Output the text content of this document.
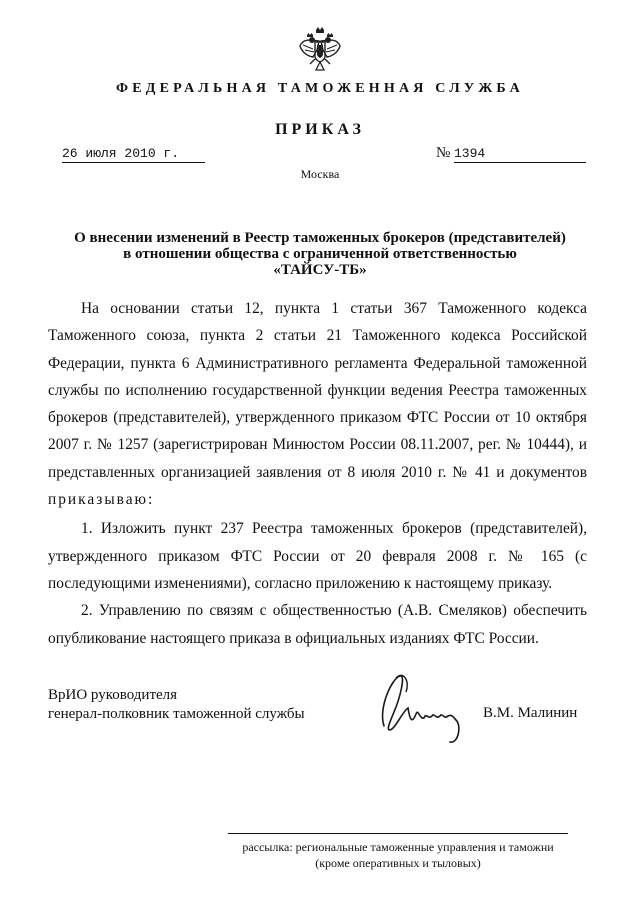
ФЕДЕРАЛЬНАЯ ТАМОЖЕННАЯ СЛУЖБА
ПРИКАЗ
26 июля 2010 г.	№ 1394
Москва
О внесении изменений в Реестр таможенных брокеров (представителей)
в отношении общества с ограниченной ответственностью
«ТАЙСУ-ТБ»

На основании статьи 12, пункта 1 статьи 367 Таможенного кодекса Таможенного союза, пункта 2 статьи 21 Таможенного кодекса Российской Федерации, пункта 6 Административного регламента Федеральной таможенной службы по исполнению государственной функции ведения Реестра таможенных брокеров (представителей), утвержденного приказом ФТС России от 10 октября 2007 г. № 1257 (зарегистрирован Минюстом России 08.11.2007, рег. № 10444), и представленных организацией заявления от 8 июля 2010 г. № 41 и документов приказываю:

1. Изложить пункт 237 Реестра таможенных брокеров (представителей), утвержденного приказом ФТС России от 20 февраля 2008 г. № 165 (с последующими изменениями), согласно приложению к настоящему приказу.

2. Управлению по связям с общественностью (А.В. Смеляков) обеспечить опубликование настоящего приказа в официальных изданиях ФТС России.

ВрИО руководителя
генерал-полковник таможенной службы	В.М. Малинин
рассылка: региональные таможенные управления и таможни
(кроме оперативных и тыловых)
